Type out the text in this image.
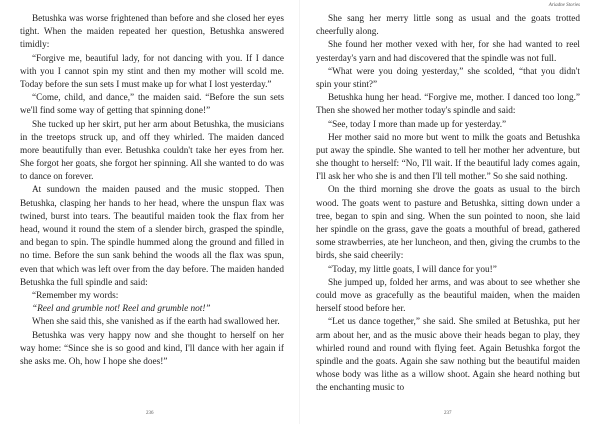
Betushka was worse frightened than before and she closed her eyes tight. When the maiden repeated her question, Betushka answered timidly:

“Forgive me, beautiful lady, for not dancing with you. If I dance with you I cannot spin my stint and then my mother will scold me. Today before the sun sets I must make up for what I lost yesterday.”

“Come, child, and dance,” the maiden said. “Before the sun sets we'll find some way of getting that spinning done!”

She tucked up her skirt, put her arm about Betushka, the musicians in the treetops struck up, and off they whirled. The maiden danced more beautifully than ever. Betushka couldn't take her eyes from her. She forgot her goats, she forgot her spinning. All she wanted to do was to dance on forever.

At sundown the maiden paused and the music stopped. Then Betushka, clasping her hands to her head, where the unspun flax was twined, burst into tears. The beautiful maiden took the flax from her head, wound it round the stem of a slender birch, grasped the spindle, and began to spin. The spindle hummed along the ground and filled in no time. Before the sun sank behind the woods all the flax was spun, even that which was left over from the day before. The maiden handed Betushka the full spindle and said:

“Remember my words:

“Reel and grumble not! Reel and grumble not!”

When she said this, she vanished as if the earth had swallowed her.

Betushka was very happy now and she thought to herself on her way home: “Since she is so good and kind, I'll dance with her again if she asks me. Oh, how I hope she does!”

236
Ariadne Stories

She sang her merry little song as usual and the goats trotted cheerfully along.

She found her mother vexed with her, for she had wanted to reel yesterday's yarn and had discovered that the spindle was not full.

“What were you doing yesterday,” she scolded, “that you didn't spin your stint?”

Betushka hung her head. “Forgive me, mother. I danced too long.” Then she showed her mother today's spindle and said:

“See, today I more than made up for yesterday.”

Her mother said no more but went to milk the goats and Betushka put away the spindle. She wanted to tell her mother her adventure, but she thought to herself: “No, I'll wait. If the beautiful lady comes again, I'll ask her who she is and then I'll tell mother.” So she said nothing.

On the third morning she drove the goats as usual to the birch wood. The goats went to pasture and Betushka, sitting down under a tree, began to spin and sing. When the sun pointed to noon, she laid her spindle on the grass, gave the goats a mouthful of bread, gathered some strawberries, ate her luncheon, and then, giving the crumbs to the birds, she said cheerily:

“Today, my little goats, I will dance for you!”

She jumped up, folded her arms, and was about to see whether she could move as gracefully as the beautiful maiden, when the maiden herself stood before her.

“Let us dance together,” she said. She smiled at Betushka, put her arm about her, and as the music above their heads began to play, they whirled round and round with flying feet. Again Betushka forgot the spindle and the goats. Again she saw nothing but the beautiful maiden whose body was lithe as a willow shoot. Again she heard nothing but the enchanting music to

237
